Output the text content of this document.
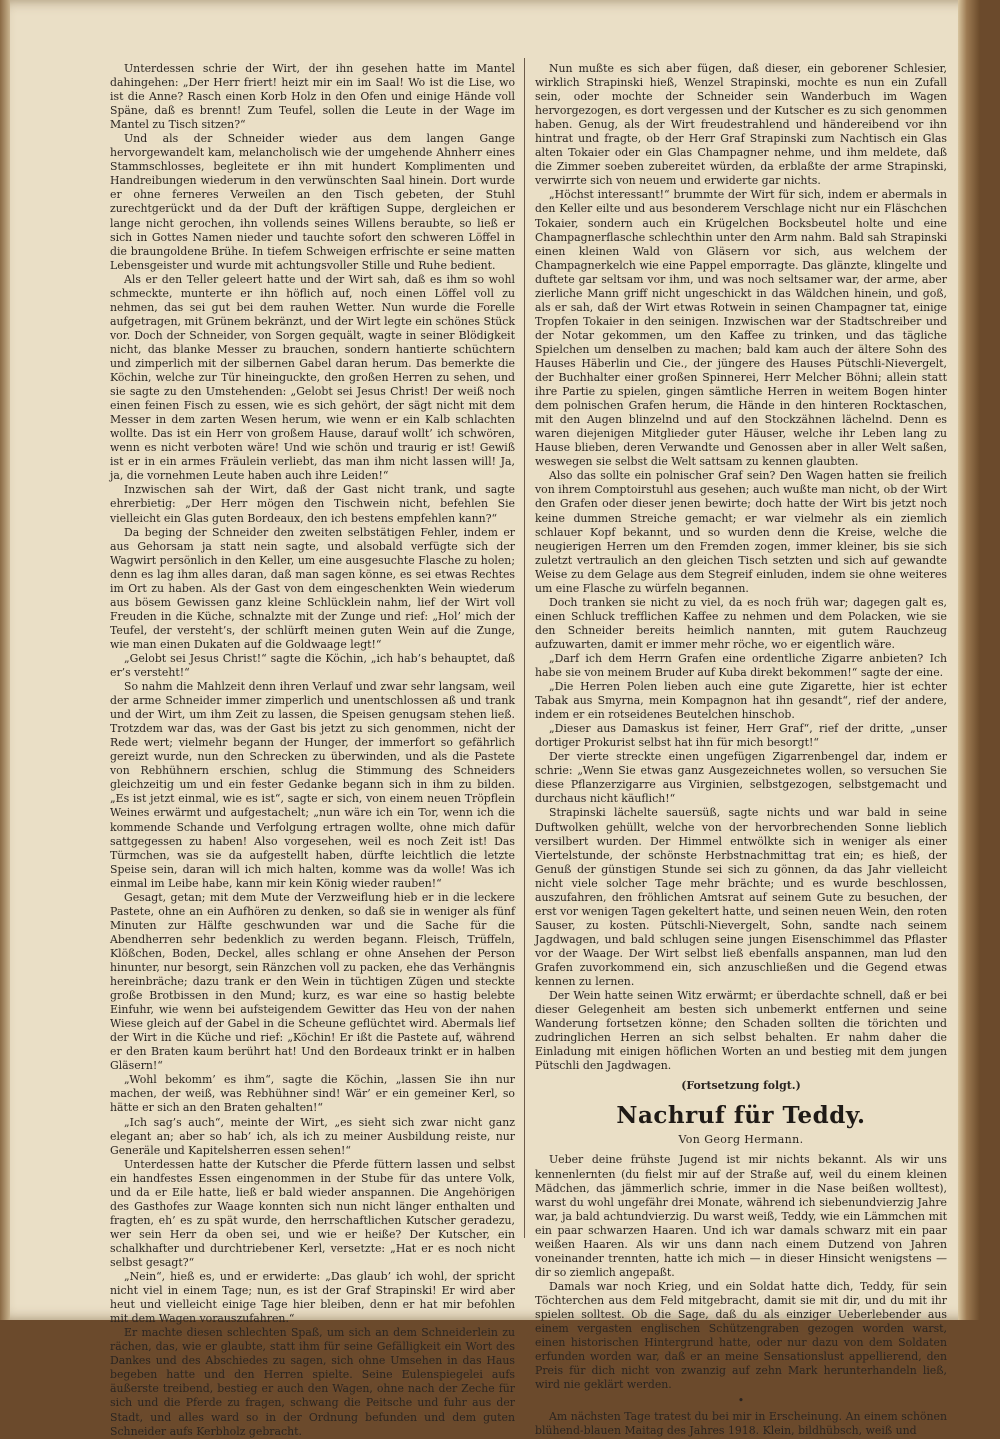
Unterdessen schrie der Wirt, der ihn gesehen hatte im Mantel dahingehen: „Der Herr friert! heizt mir ein im Saal! Wo ist die Lise, wo ist die Anne? Rasch einen Korb Holz in den Ofen und einige Hände voll Späne, daß es brennt! Zum Teufel, sollen die Leute in der Wage im Mantel zu Tisch sitzen?“

Und als der Schneider wieder aus dem langen Gange hervorgewandelt kam, melancholisch wie der umgehende Ahnherr eines Stammschlosses, begleitete er ihn mit hundert Komplimenten und Handreibungen wiederum in den verwünschten Saal hinein. Dort wurde er ohne ferneres Verweilen an den Tisch gebeten, der Stuhl zurechtgerückt und da der Duft der kräftigen Suppe, dergleichen er lange nicht gerochen, ihn vollends seines Willens beraubte, so ließ er sich in Gottes Namen nieder und tauchte sofort den schweren Löffel in die braungoldene Brühe. In tiefem Schweigen erfrischte er seine matten Lebensgeister und wurde mit achtungsvoller Stille und Ruhe bedient.

Als er den Teller geleert hatte und der Wirt sah, daß es ihm so wohl schmeckte, munterte er ihn höflich auf, noch einen Löffel voll zu nehmen, das sei gut bei dem rauhen Wetter. Nun wurde die Forelle aufgetragen, mit Grünem bekränzt, und der Wirt legte ein schönes Stück vor. Doch der Schneider, von Sorgen gequält, wagte in seiner Blödigkeit nicht, das blanke Messer zu brauchen, sondern hantierte schüchtern und zimperlich mit der silbernen Gabel daran herum. Das bemerkte die Köchin, welche zur Tür hineinguckte, den großen Herren zu sehen, und sie sagte zu den Umstehenden: „Gelobt sei Jesus Christ! Der weiß noch einen feinen Fisch zu essen, wie es sich gehört, der sägt nicht mit dem Messer in dem zarten Wesen herum, wie wenn er ein Kalb schlachten wollte. Das ist ein Herr von großem Hause, darauf wollt’ ich schwören, wenn es nicht verboten wäre! Und wie schön und traurig er ist! Gewiß ist er in ein armes Fräulein verliebt, das man ihm nicht lassen will! Ja, ja, die vornehmen Leute haben auch ihre Leiden!“

Inzwischen sah der Wirt, daß der Gast nicht trank, und sagte ehrerbietig: „Der Herr mögen den Tischwein nicht, befehlen Sie vielleicht ein Glas guten Bordeaux, den ich bestens empfehlen kann?“

Da beging der Schneider den zweiten selbstätigen Fehler, indem er aus Gehorsam ja statt nein sagte, und alsobald verfügte sich der Wagwirt persönlich in den Keller, um eine ausgesuchte Flasche zu holen; denn es lag ihm alles daran, daß man sagen könne, es sei etwas Rechtes im Ort zu haben. Als der Gast von dem eingeschenkten Wein wiederum aus bösem Gewissen ganz kleine Schlücklein nahm, lief der Wirt voll Freuden in die Küche, schnalzte mit der Zunge und rief: „Hol’ mich der Teufel, der versteht’s, der schlürft meinen guten Wein auf die Zunge, wie man einen Dukaten auf die Goldwaage legt!“

„Gelobt sei Jesus Christ!“ sagte die Köchin, „ich hab’s behauptet, daß er’s versteht!“

So nahm die Mahlzeit denn ihren Verlauf und zwar sehr langsam, weil der arme Schneider immer zimperlich und unentschlossen aß und trank und der Wirt, um ihm Zeit zu lassen, die Speisen genugsam stehen ließ. Trotzdem war das, was der Gast bis jetzt zu sich genommen, nicht der Rede wert; vielmehr begann der Hunger, der immerfort so gefährlich gereizt wurde, nun den Schrecken zu überwinden, und als die Pastete von Rebhühnern erschien, schlug die Stimmung des Schneiders gleichzeitig um und ein fester Gedanke begann sich in ihm zu bilden. „Es ist jetzt einmal, wie es ist“, sagte er sich, von einem neuen Tröpflein Weines erwärmt und aufgestachelt; „nun wäre ich ein Tor, wenn ich die kommende Schande und Verfolgung ertragen wollte, ohne mich dafür sattgegessen zu haben! Also vorgesehen, weil es noch Zeit ist! Das Türmchen, was sie da aufgestellt haben, dürfte leichtlich die letzte Speise sein, daran will ich mich halten, komme was da wolle! Was ich einmal im Leibe habe, kann mir kein König wieder rauben!“

Gesagt, getan; mit dem Mute der Verzweiflung hieb er in die leckere Pastete, ohne an ein Aufhören zu denken, so daß sie in weniger als fünf Minuten zur Hälfte geschwunden war und die Sache für die Abendherren sehr bedenklich zu werden begann. Fleisch, Trüffeln, Klößchen, Boden, Deckel, alles schlang er ohne Ansehen der Person hinunter, nur besorgt, sein Ränzchen voll zu packen, ehe das Verhängnis hereinbräche; dazu trank er den Wein in tüchtigen Zügen und steckte große Brotbissen in den Mund; kurz, es war eine so hastig belebte Einfuhr, wie wenn bei aufsteigendem Gewitter das Heu von der nahen Wiese gleich auf der Gabel in die Scheune geflüchtet wird. Abermals lief der Wirt in die Küche und rief: „Köchin! Er ißt die Pastete auf, während er den Braten kaum berührt hat! Und den Bordeaux trinkt er in halben Gläsern!“

„Wohl bekomm’ es ihm“, sagte die Köchin, „lassen Sie ihn nur machen, der weiß, was Rebhühner sind! Wär’ er ein gemeiner Kerl, so hätte er sich an den Braten gehalten!“

„Ich sag’s auch“, meinte der Wirt, „es sieht sich zwar nicht ganz elegant an; aber so hab’ ich, als ich zu meiner Ausbildung reiste, nur Generäle und Kapitelsherren essen sehen!“

Unterdessen hatte der Kutscher die Pferde füttern lassen und selbst ein handfestes Essen eingenommen in der Stube für das untere Volk, und da er Eile hatte, ließ er bald wieder anspannen. Die Angehörigen des Gasthofes zur Waage konnten sich nun nicht länger enthalten und fragten, eh’ es zu spät wurde, den herrschaftlichen Kutscher geradezu, wer sein Herr da oben sei, und wie er heiße? Der Kutscher, ein schalkhafter und durchtriebener Kerl, versetzte: „Hat er es noch nicht selbst gesagt?“

„Nein“, hieß es, und er erwiderte: „Das glaub’ ich wohl, der spricht nicht viel in einem Tage; nun, es ist der Graf Strapinski! Er wird aber heut und vielleicht einige Tage hier bleiben, denn er hat mir befohlen mit dem Wagen vorauszufahren.“

Er machte diesen schlechten Spaß, um sich an dem Schneiderlein zu rächen, das, wie er glaubte, statt ihm für seine Gefälligkeit ein Wort des Dankes und des Abschiedes zu sagen, sich ohne Umsehen in das Haus begeben hatte und den Herren spielte. Seine Eulenspiegelei aufs äußerste treibend, bestieg er auch den Wagen, ohne nach der Zeche für sich und die Pferde zu fragen, schwang die Peitsche und fuhr aus der Stadt, und alles ward so in der Ordnung befunden und dem guten Schneider aufs Kerbholz gebracht.

Nun mußte es sich aber fügen, daß dieser, ein geborener Schlesier, wirklich Strapinski hieß, Wenzel Strapinski, mochte es nun ein Zufall sein, oder mochte der Schneider sein Wanderbuch im Wagen hervorgezogen, es dort vergessen und der Kutscher es zu sich genommen haben. Genug, als der Wirt freudestrahlend und händereibend vor ihn hintrat und fragte, ob der Herr Graf Strapinski zum Nachtisch ein Glas alten Tokaier oder ein Glas Champagner nehme, und ihm meldete, daß die Zimmer soeben zubereitet würden, da erblaßte der arme Strapinski, verwirrte sich von neuem und erwiderte gar nichts.

„Höchst interessant!“ brummte der Wirt für sich, indem er abermals in den Keller eilte und aus besonderem Verschlage nicht nur ein Fläschchen Tokaier, sondern auch ein Krügelchen Bocksbeutel holte und eine Champagnerflasche schlechthin unter den Arm nahm. Bald sah Strapinski einen kleinen Wald von Gläsern vor sich, aus welchem der Champagnerkelch wie eine Pappel emporragte. Das glänzte, klingelte und duftete gar seltsam vor ihm, und was noch seltsamer war, der arme, aber zierliche Mann griff nicht ungeschickt in das Wäldchen hinein, und goß, als er sah, daß der Wirt etwas Rotwein in seinen Champagner tat, einige Tropfen Tokaier in den seinigen. Inzwischen war der Stadtschreiber und der Notar gekommen, um den Kaffee zu trinken, und das tägliche Spielchen um denselben zu machen; bald kam auch der ältere Sohn des Hauses Häberlin und Cie., der jüngere des Hauses Pütschli-Nievergelt, der Buchhalter einer großen Spinnerei, Herr Melcher Böhni; allein statt ihre Partie zu spielen, gingen sämtliche Herren in weitem Bogen hinter dem polnischen Grafen herum, die Hände in den hinteren Rocktaschen, mit den Augen blinzelnd und auf den Stockzähnen lächelnd. Denn es waren diejenigen Mitglieder guter Häuser, welche ihr Leben lang zu Hause blieben, deren Verwandte und Genossen aber in aller Welt saßen, weswegen sie selbst die Welt sattsam zu kennen glaubten.

Also das sollte ein polnischer Graf sein? Den Wagen hatten sie freilich von ihrem Comptoirstuhl aus gesehen; auch wußte man nicht, ob der Wirt den Grafen oder dieser jenen bewirte; doch hatte der Wirt bis jetzt noch keine dummen Streiche gemacht; er war vielmehr als ein ziemlich schlauer Kopf bekannt, und so wurden denn die Kreise, welche die neugierigen Herren um den Fremden zogen, immer kleiner, bis sie sich zuletzt vertraulich an den gleichen Tisch setzten und sich auf gewandte Weise zu dem Gelage aus dem Stegreif einluden, indem sie ohne weiteres um eine Flasche zu würfeln begannen.

Doch tranken sie nicht zu viel, da es noch früh war; dagegen galt es, einen Schluck trefflichen Kaffee zu nehmen und dem Polacken, wie sie den Schneider bereits heimlich nannten, mit gutem Rauchzeug aufzuwarten, damit er immer mehr röche, wo er eigentlich wäre.

„Darf ich dem Herrn Grafen eine ordentliche Zigarre anbieten? Ich habe sie von meinem Bruder auf Kuba direkt bekommen!“ sagte der eine.

„Die Herren Polen lieben auch eine gute Zigarette, hier ist echter Tabak aus Smyrna, mein Kompagnon hat ihn gesandt“, rief der andere, indem er ein rotseidenes Beutelchen hinschob.

„Dieser aus Damaskus ist feiner, Herr Graf“, rief der dritte, „unser dortiger Prokurist selbst hat ihn für mich besorgt!“

Der vierte streckte einen ungefügen Zigarrenbengel dar, indem er schrie: „Wenn Sie etwas ganz Ausgezeichnetes wollen, so versuchen Sie diese Pflanzerzigarre aus Virginien, selbstgezogen, selbstgemacht und durchaus nicht käuflich!“

Strapinski lächelte sauersüß, sagte nichts und war bald in seine Duftwolken gehüllt, welche von der hervorbrechenden Sonne lieblich versilbert wurden. Der Himmel entwölkte sich in weniger als einer Viertelstunde, der schönste Herbstnachmittag trat ein; es hieß, der Genuß der günstigen Stunde sei sich zu gönnen, da das Jahr vielleicht nicht viele solcher Tage mehr brächte; und es wurde beschlossen, auszufahren, den fröhlichen Amtsrat auf seinem Gute zu besuchen, der erst vor wenigen Tagen gekeltert hatte, und seinen neuen Wein, den roten Sauser, zu kosten. Pütschli-Nievergelt, Sohn, sandte nach seinem Jagdwagen, und bald schlugen seine jungen Eisenschimmel das Pflaster vor der Waage. Der Wirt selbst ließ ebenfalls anspannen, man lud den Grafen zuvorkommend ein, sich anzuschließen und die Gegend etwas kennen zu lernen.

Der Wein hatte seinen Witz erwärmt; er überdachte schnell, daß er bei dieser Gelegenheit am besten sich unbemerkt entfernen und seine Wanderung fortsetzen könne; den Schaden sollten die törichten und zudringlichen Herren an sich selbst behalten. Er nahm daher die Einladung mit einigen höflichen Worten an und bestieg mit dem jungen Pütschli den Jagdwagen.

(Fortsetzung folgt.)

Nachruf für Teddy.
Von Georg Hermann.

Ueber deine frühste Jugend ist mir nichts bekannt. Als wir uns kennenlernten (du fielst mir auf der Straße auf, weil du einem kleinen Mädchen, das jämmerlich schrie, immer in die Nase beißen wolltest), warst du wohl ungefähr drei Monate, während ich siebenundvierzig Jahre war, ja bald achtundvierzig. Du warst weiß, Teddy, wie ein Lämmchen mit ein paar schwarzen Haaren. Und ich war damals schwarz mit ein paar weißen Haaren. Als wir uns dann nach einem Dutzend von Jahren voneinander trennten, hatte ich mich — in dieser Hinsicht wenigstens — dir so ziemlich angepaßt.

Damals war noch Krieg, und ein Soldat hatte dich, Teddy, für sein Töchterchen aus dem Feld mitgebracht, damit sie mit dir, und du mit ihr spielen solltest. Ob die Sage, daß du als einziger Ueberlebender aus einem vergasten englischen Schützengraben gezogen worden warst, einen historischen Hintergrund hatte, oder nur dazu von dem Soldaten erfunden worden war, daß er an meine Sensationslust appellierend, den Preis für dich nicht von zwanzig auf zehn Mark herunterhandeln ließ, wird nie geklärt werden.

•

Am nächsten Tage tratest du bei mir in Erscheinung. An einem schönen blühend-blauen Maitag des Jahres 1918. Klein, bildhübsch, weiß und
